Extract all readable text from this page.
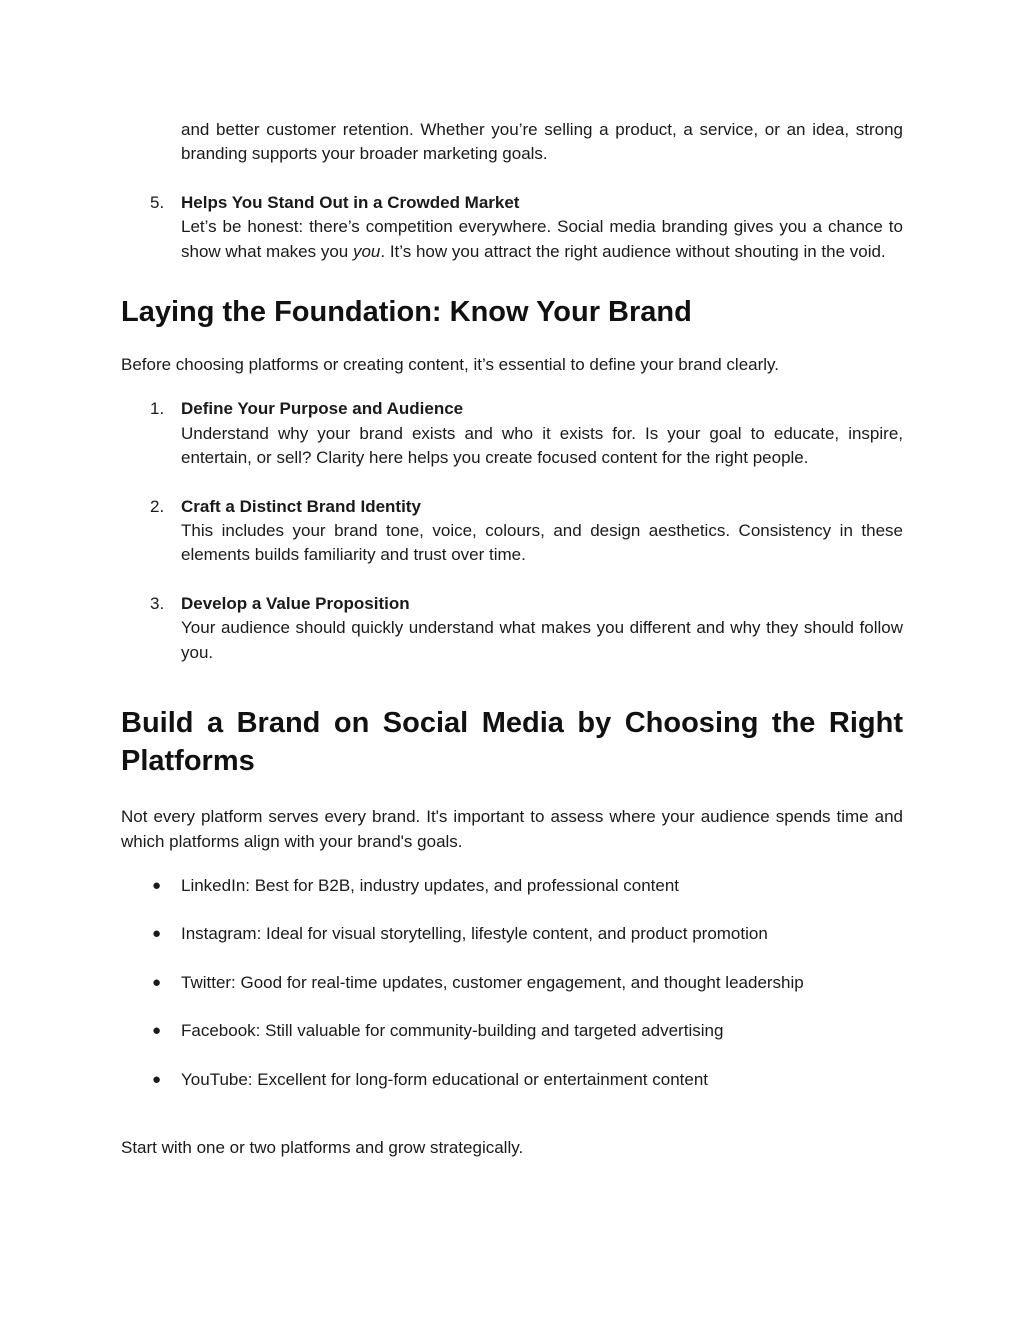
and better customer retention. Whether you’re selling a product, a service, or an idea, strong branding supports your broader marketing goals.

5. Helps You Stand Out in a Crowded Market
Let’s be honest: there’s competition everywhere. Social media branding gives you a chance to show what makes you you. It’s how you attract the right audience without shouting in the void.
Laying the Foundation: Know Your Brand

Before choosing platforms or creating content, it’s essential to define your brand clearly.

1. Define Your Purpose and Audience
Understand why your brand exists and who it exists for. Is your goal to educate, inspire, entertain, or sell? Clarity here helps you create focused content for the right people.
2. Craft a Distinct Brand Identity
This includes your brand tone, voice, colours, and design aesthetics. Consistency in these elements builds familiarity and trust over time.
3. Develop a Value Proposition
Your audience should quickly understand what makes you different and why they should follow you.
Build a Brand on Social Media by Choosing the Right Platforms

Not every platform serves every brand. It's important to assess where your audience spends time and which platforms align with your brand's goals.

● LinkedIn: Best for B2B, industry updates, and professional content
● Instagram: Ideal for visual storytelling, lifestyle content, and product promotion
● Twitter: Good for real-time updates, customer engagement, and thought leadership
● Facebook: Still valuable for community-building and targeted advertising
● YouTube: Excellent for long-form educational or entertainment content

Start with one or two platforms and grow strategically.
